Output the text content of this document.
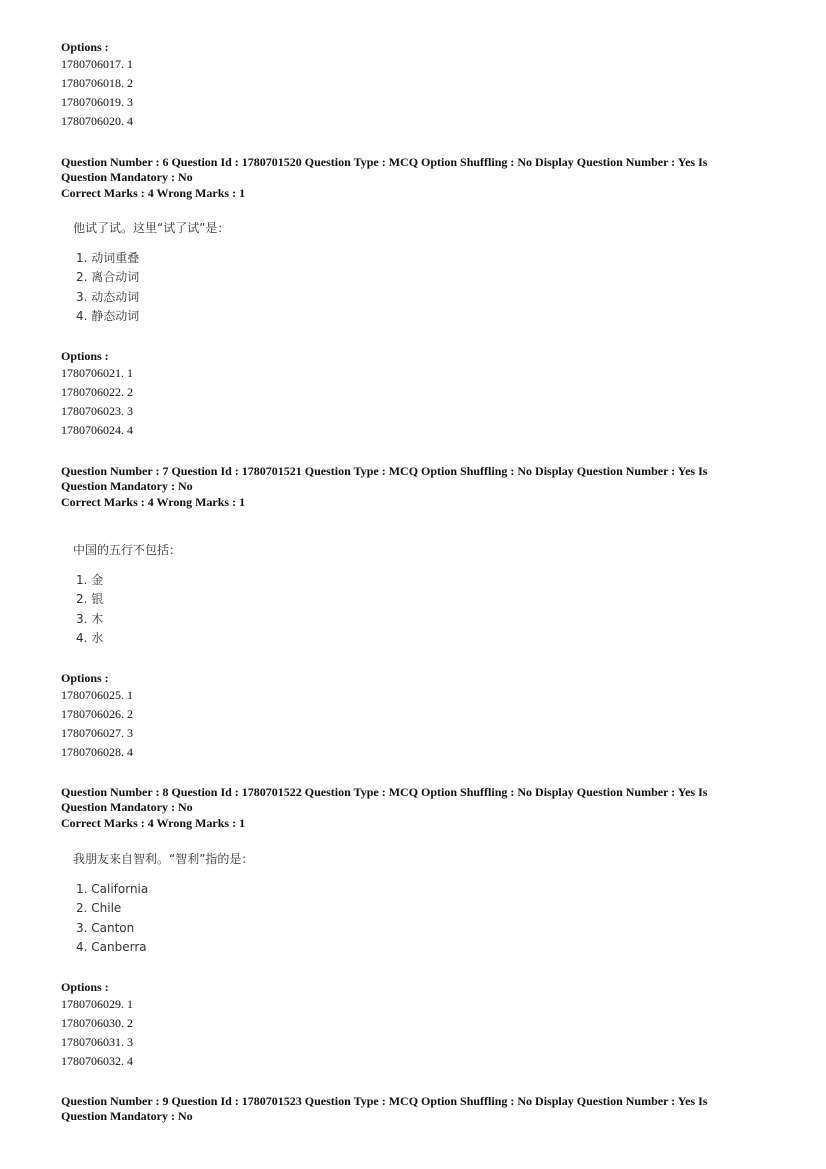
Options :
1780706017. 1
1780706018. 2
1780706019. 3
1780706020. 4
Question Number : 6 Question Id : 1780701520 Question Type : MCQ Option Shuffling : No Display Question Number : Yes Is
Question Mandatory : No
Correct Marks : 4 Wrong Marks : 1
他试了试。这里“试了试”是：
1. 动词重叠
2. 离合动词
3. 动态动词
4. 静态动词
Options :
1780706021. 1
1780706022. 2
1780706023. 3
1780706024. 4
Question Number : 7 Question Id : 1780701521 Question Type : MCQ Option Shuffling : No Display Question Number : Yes Is
Question Mandatory : No
Correct Marks : 4 Wrong Marks : 1
中国的五行不包括：
1. 金
2. 银
3. 木
4. 水
Options :
1780706025. 1
1780706026. 2
1780706027. 3
1780706028. 4
Question Number : 8 Question Id : 1780701522 Question Type : MCQ Option Shuffling : No Display Question Number : Yes Is
Question Mandatory : No
Correct Marks : 4 Wrong Marks : 1
我朋友来自智利。“智利”指的是：
1. California
2. Chile
3. Canton
4. Canberra
Options :
1780706029. 1
1780706030. 2
1780706031. 3
1780706032. 4
Question Number : 9 Question Id : 1780701523 Question Type : MCQ Option Shuffling : No Display Question Number : Yes Is
Question Mandatory : No
